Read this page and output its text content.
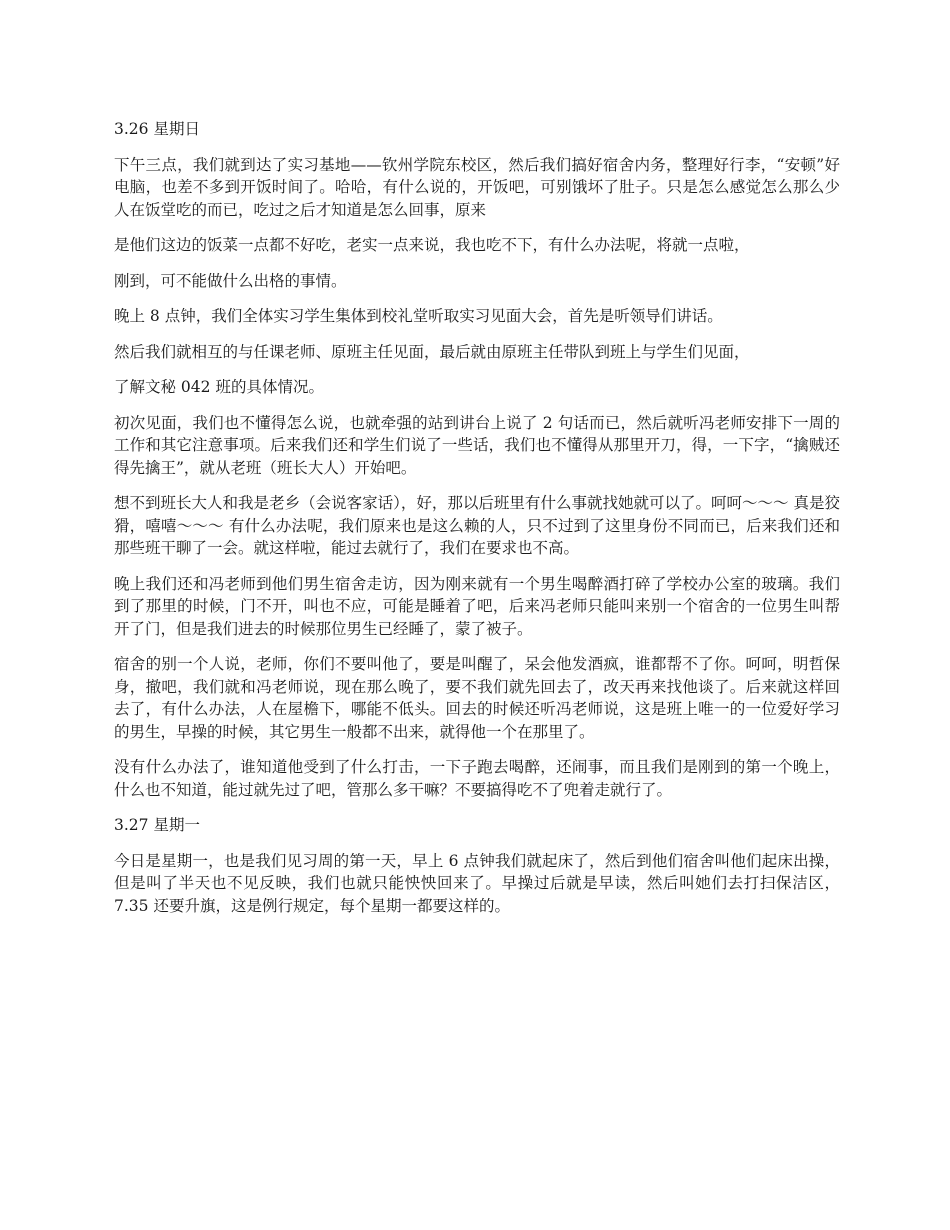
3.26 星期日

下午三点，我们就到达了实习基地——钦州学院东校区，然后我们搞好宿舍内务，整理好行李，“安顿”好电脑，也差不多到开饭时间了。哈哈，有什么说的，开饭吧，可别饿坏了肚子。只是怎么感觉怎么那么少人在饭堂吃的而已，吃过之后才知道是怎么回事，原来

是他们这边的饭菜一点都不好吃，老实一点来说，我也吃不下，有什么办法呢，将就一点啦，

刚到，可不能做什么出格的事情。

晚上 8 点钟，我们全体实习学生集体到校礼堂听取实习见面大会，首先是听领导们讲话。

然后我们就相互的与任课老师、原班主任见面，最后就由原班主任带队到班上与学生们见面，

了解文秘 042 班的具体情况。

初次见面，我们也不懂得怎么说，也就牵强的站到讲台上说了 2 句话而已，然后就听冯老师安排下一周的工作和其它注意事项。后来我们还和学生们说了一些话，我们也不懂得从那里开刀，得，一下字，“擒贼还得先擒王”，就从老班（班长大人）开始吧。

想不到班长大人和我是老乡（会说客家话），好，那以后班里有什么事就找她就可以了。呵呵～～～ 真是狡猾，嘻嘻～～～ 有什么办法呢，我们原来也是这么赖的人，只不过到了这里身份不同而已，后来我们还和那些班干聊了一会。就这样啦，能过去就行了，我们在要求也不高。

晚上我们还和冯老师到他们男生宿舍走访，因为刚来就有一个男生喝醉酒打碎了学校办公室的玻璃。我们到了那里的时候，门不开，叫也不应，可能是睡着了吧，后来冯老师只能叫来别一个宿舍的一位男生叫帮开了门，但是我们进去的时候那位男生已经睡了，蒙了被子。

宿舍的别一个人说，老师，你们不要叫他了，要是叫醒了，呆会他发酒疯，谁都帮不了你。呵呵，明哲保身，撤吧，我们就和冯老师说，现在那么晚了，要不我们就先回去了，改天再来找他谈了。后来就这样回去了，有什么办法，人在屋檐下，哪能不低头。回去的时候还听冯老师说，这是班上唯一的一位爱好学习的男生，早操的时候，其它男生一般都不出来，就得他一个在那里了。

没有什么办法了，谁知道他受到了什么打击，一下子跑去喝醉，还闹事，而且我们是刚到的第一个晚上，什么也不知道，能过就先过了吧，管那么多干嘛？不要搞得吃不了兜着走就行了。

3.27 星期一

今日是星期一，也是我们见习周的第一天，早上 6 点钟我们就起床了，然后到他们宿舍叫他们起床出操，但是叫了半天也不见反映，我们也就只能怏怏回来了。早操过后就是早读，然后叫她们去打扫保洁区，7.35 还要升旗，这是例行规定，每个星期一都要这样的。
